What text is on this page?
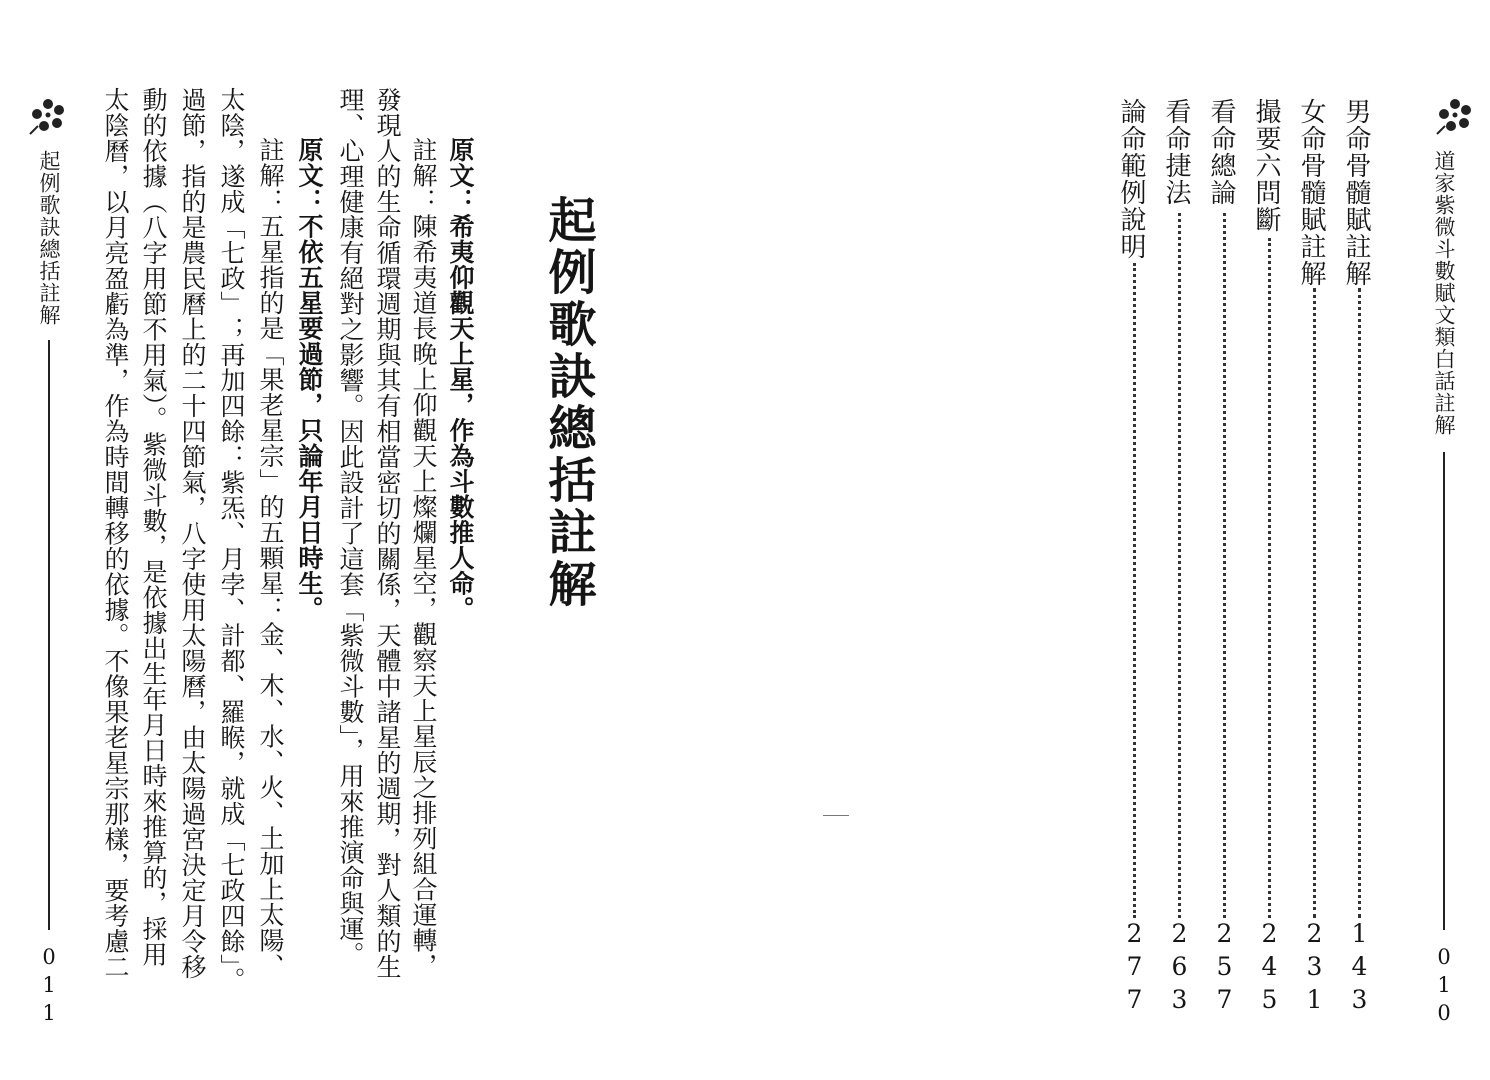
起例歌訣總括註解
011
原文：希夷仰觀天上星，作為斗數推人命。
註解：陳希夷道長晚上仰觀天上燦爛星空，觀察天上星辰之排列組合運轉，
發現人的生命循環週期與其有相當密切的關係，天體中諸星的週期，對人類的生
理、心理健康有絕對之影響。因此設計了這套「紫微斗數」，用來推演命與運。
原文：不依五星要過節，只論年月日時生。
註解：五星指的是「果老星宗」的五顆星：金、木、水、火、土加上太陽、
太陰，遂成「七政」；再加四餘：紫炁、月孛、計都、羅睺，就成「七政四餘」。
過節，指的是農民曆上的二十四節氣，八字使用太陽曆，由太陽過宮決定月令移
動的依據（八字用節不用氣）。紫微斗數，是依據出生年月日時來推算的，採用
太陰曆，以月亮盈虧為準，作為時間轉移的依據。不像果老星宗那樣，要考慮二	起例歌訣總括註解	道家紫微斗數賦文類白話註解
010
男命骨髓賦註解
143
女命骨髓賦註解
231
撮要六問斷
245
看命總論
257
看命捷法
263
論命範例說明
277
